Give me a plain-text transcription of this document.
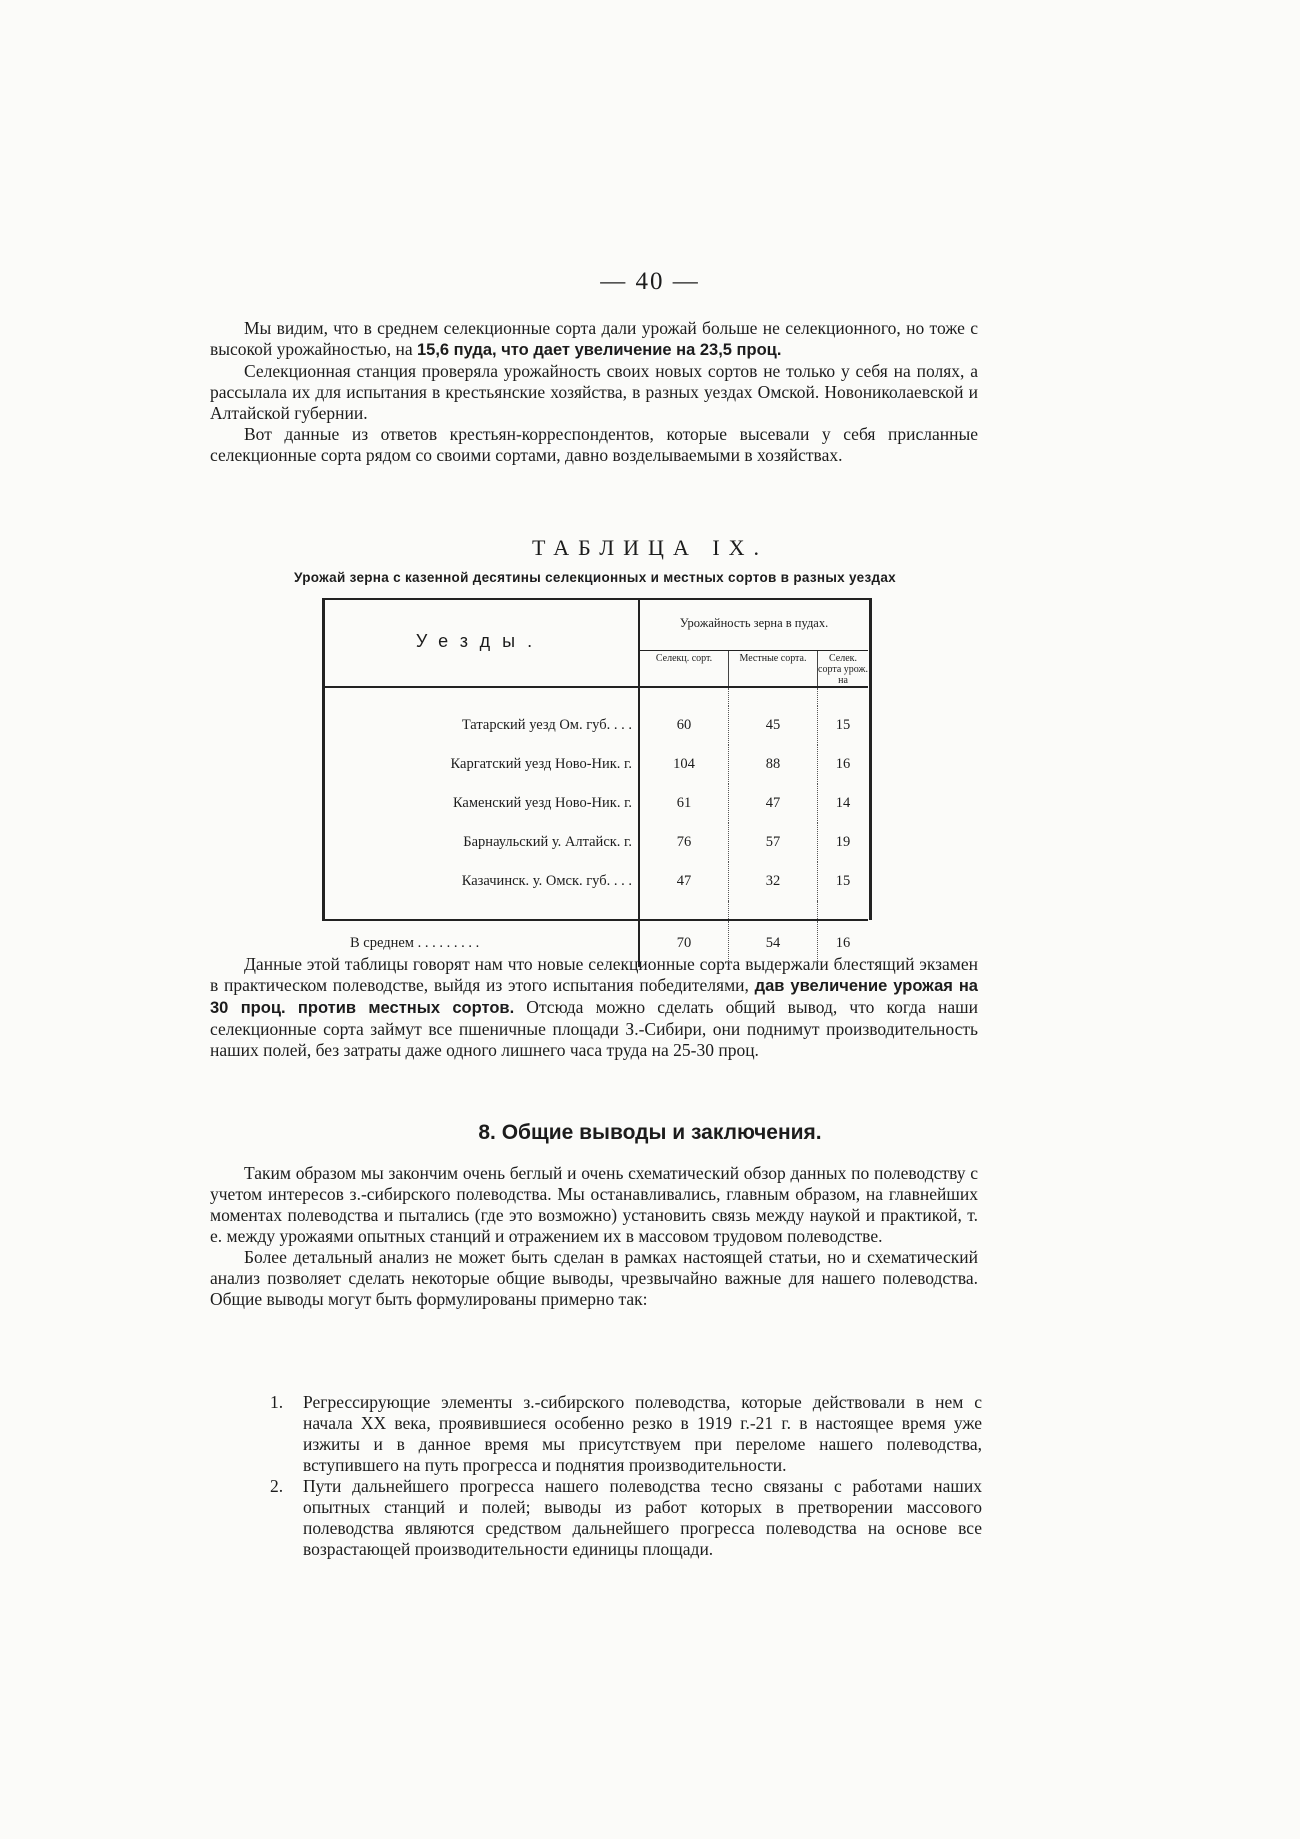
— 40 —

Мы видим, что в среднем селекционные сорта дали урожай больше не селекционного, но тоже с высокой урожайностью, на 15,6 пуда, что дает увеличение на 23,5 проц.

Селекционная станция проверяла урожайность своих новых сортов не только у себя на полях, а рассылала их для испытания в крестьянские хозяйства, в разных уездах Омской. Новониколаевской и Алтайской губернии.

Вот данные из ответов крестьян-корреспондентов, которые высевали у себя присланные селекционные сорта рядом со своими сортами, давно возделываемыми в хозяйствах.

ТАБЛИЦА IX.
Урожай зерна с казенной десятины селекционных и местных сортов в разных уездах
Уезды.	Урожайность зерна в пудах.		
	Селекц. сорт.	Местные сорта.	Селек. сорта урож. на

Татарский уезд Ом. губ. . . .	60	45	15
Каргатский уезд Ново-Ник. г.	104	88	16
Каменский уезд Ново-Ник. г.	61	47	14
Барнаульский у. Алтайск. г.	76	57	19
Казачинск. у. Омск. губ. . . .	47	32	15

В среднем . . . . . . . . .	70	54	16

Данные этой таблицы говорят нам что новые селекционные сорта выдержали блестящий экзамен в практическом полеводстве, выйдя из этого испытания победителями, дав увеличение урожая на 30 проц. против местных сортов. Отсюда можно сделать общий вывод, что когда наши селекционные сорта займут все пшеничные площади З.-Сибири, они поднимут производительность наших полей, без затраты даже одного лишнего часа труда на 25-30 проц.

8. Общие выводы и заключения.

Таким образом мы закончим очень беглый и очень схематический обзор данных по полеводству с учетом интересов з.-сибирского полеводства. Мы останавливались, главным образом, на главнейших моментах полеводства и пытались (где это возможно) установить связь между наукой и практикой, т. е. между урожаями опытных станций и отражением их в массовом трудовом полеводстве.

Более детальный анализ не может быть сделан в рамках настоящей статьи, но и схематический анализ позволяет сделать некоторые общие выводы, чрезвычайно важные для нашего полеводства. Общие выводы могут быть формулированы примерно так:

1. Регрессирующие элементы з.-сибирского полеводства, которые действовали в нем с начала XX века, проявившиеся особенно резко в 1919 г.-21 г. в настоящее время уже изжиты и в данное время мы присутствуем при переломе нашего полеводства, вступившего на путь прогресса и поднятия производительности.
2. Пути дальнейшего прогресса нашего полеводства тесно связаны с работами наших опытных станций и полей; выводы из работ которых в претворении массового полеводства являются средством дальнейшего прогресса полеводства на основе все возрастающей производительности единицы площади.
